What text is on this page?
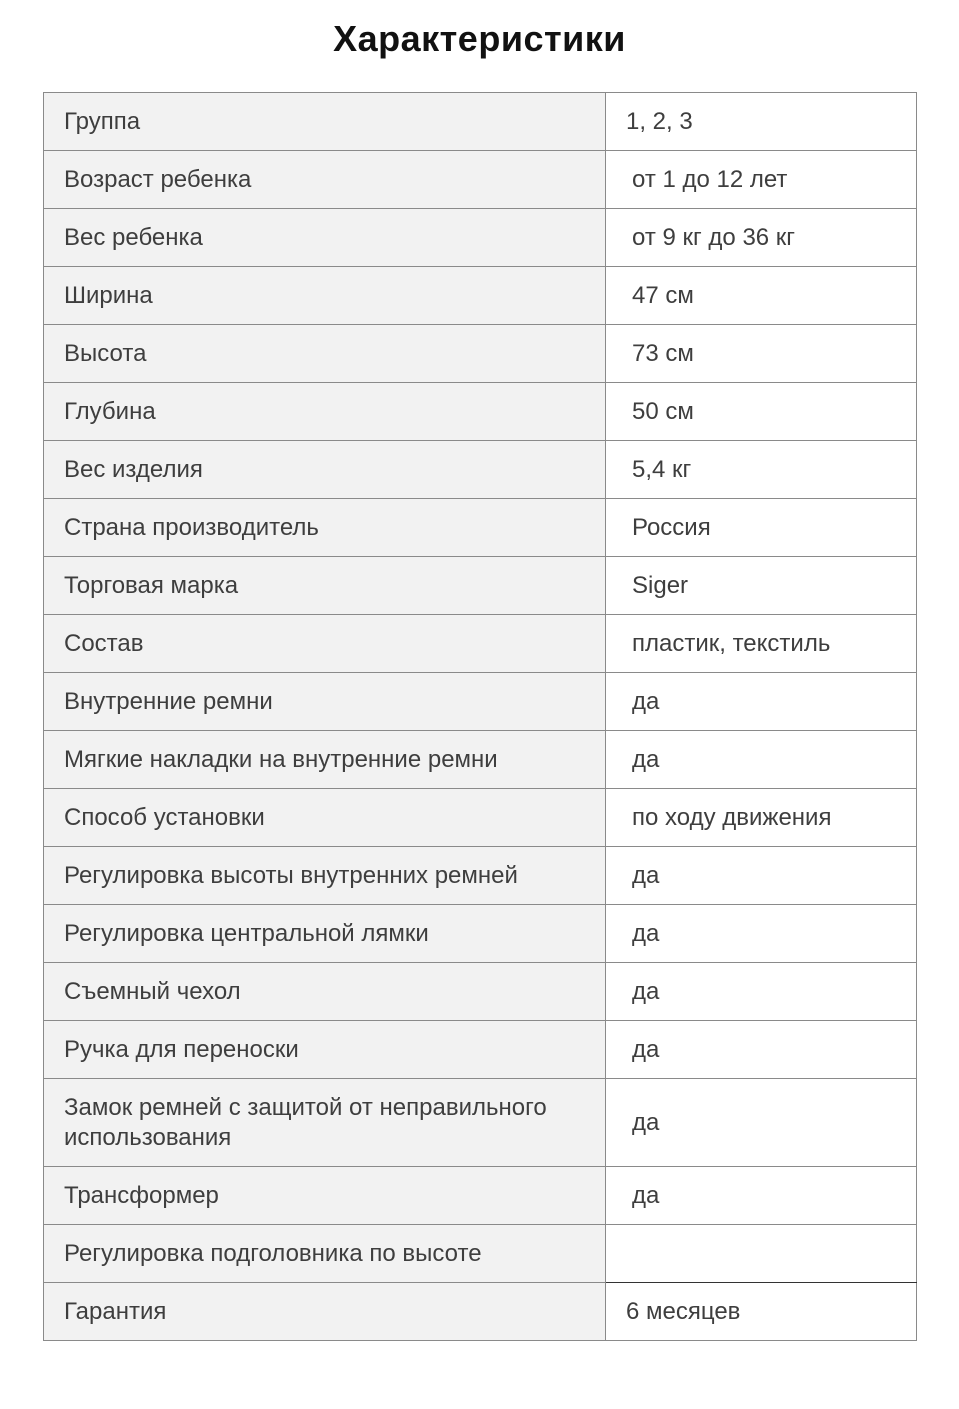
Характеристики
Группа	1, 2, 3
Возраст ребенка	от 1 до 12 лет
Вес ребенка	от 9 кг до 36 кг
Ширина	47 см
Высота	73 см
Глубина	50 см
Вес изделия	5,4 кг
Страна производитель	Россия
Торговая марка	Siger
Состав	пластик, текстиль
Внутренние ремни	да
Мягкие накладки на внутренние ремни	да
Способ установки	по ходу движения
Регулировка высоты внутренних ремней	да
Регулировка центральной лямки	да
Съемный чехол	да
Ручка для переноски	да
Замок ремней с защитой от неправильного использования	да
Трансформер	да
Регулировка подголовника по высоте	
Гарантия	6 месяцев
